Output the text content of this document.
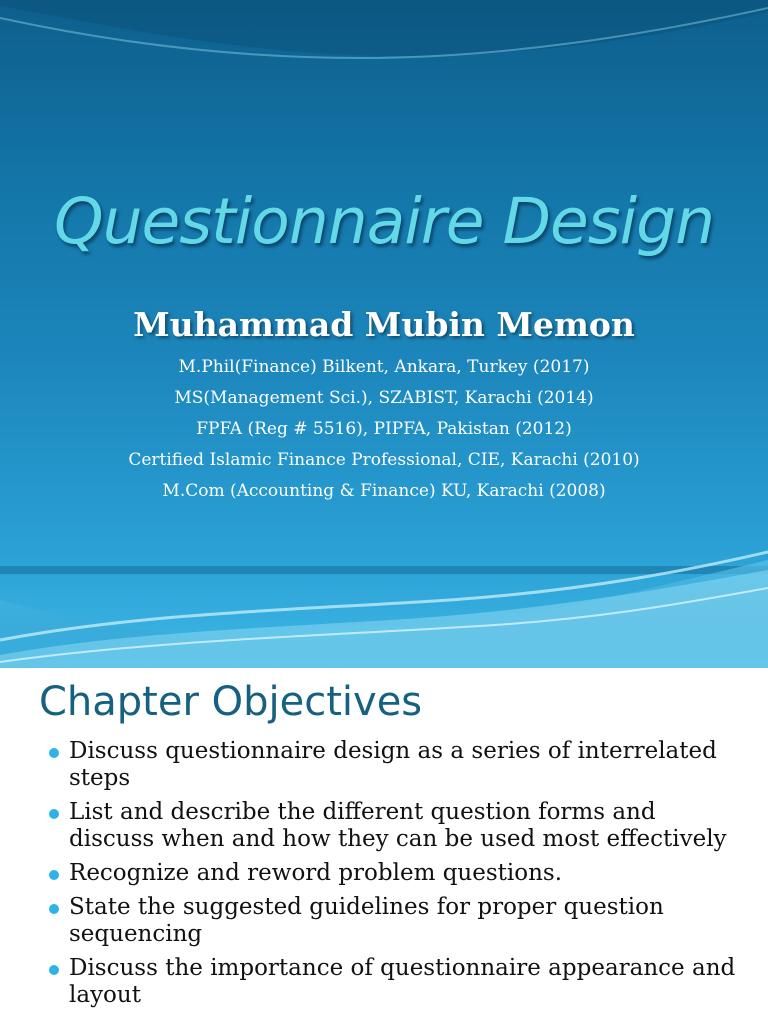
Questionnaire Design
Muhammad Mubin Memon
M.Phil(Finance) Bilkent, Ankara, Turkey (2017)
MS(Management Sci.), SZABIST, Karachi (2014)
FPFA (Reg # 5516), PIPFA, Pakistan (2012)
Certified Islamic Finance Professional, CIE, Karachi (2010)
M.Com (Accounting & Finance) KU, Karachi (2008)
Chapter Objectives
Discuss questionnaire design as a series of interrelated steps
List and describe the different question forms and discuss when and how they can be used most effectively
Recognize and reword problem questions.
State the suggested guidelines for proper question sequencing
Discuss the importance of questionnaire appearance and layout
